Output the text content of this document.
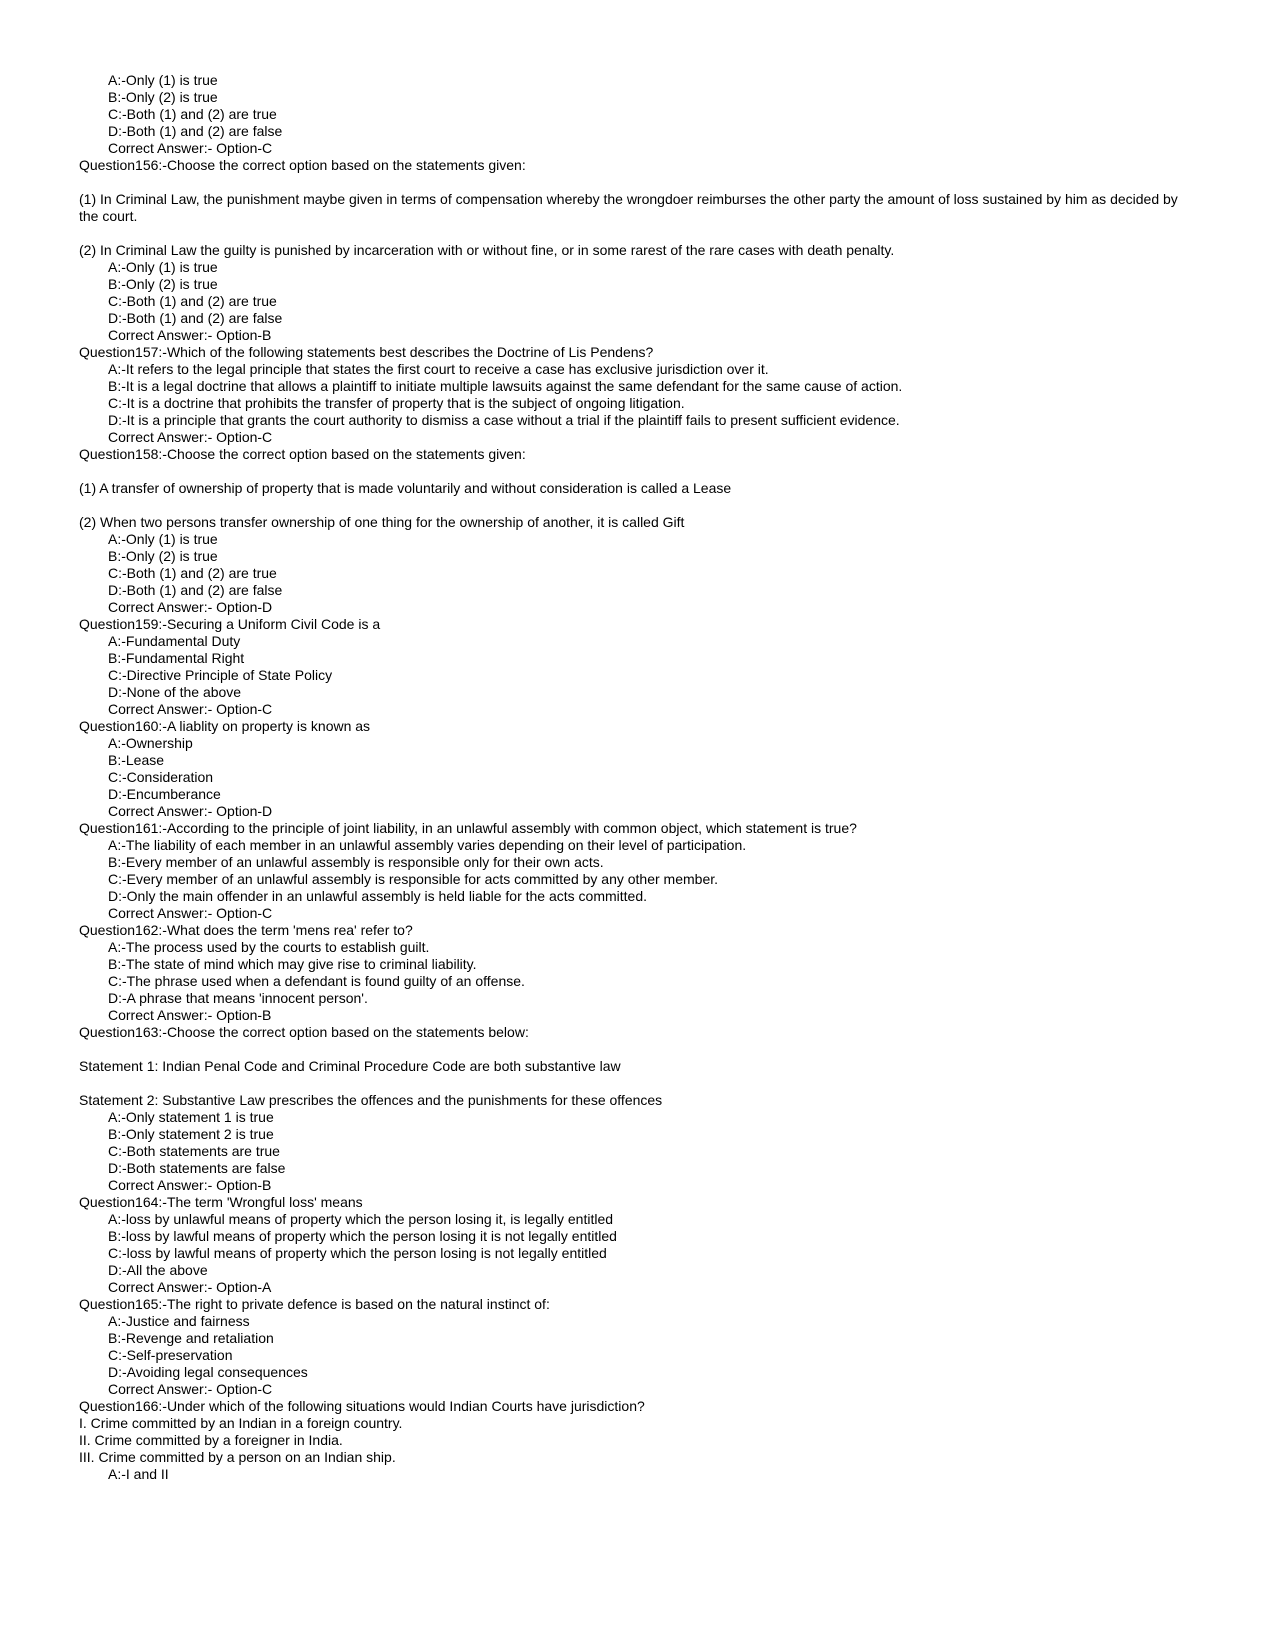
A:-Only (1) is true
B:-Only (2) is true
C:-Both (1) and (2) are true
D:-Both (1) and (2) are false
Correct Answer:- Option-C
Question156:-Choose the correct option based on the statements given:
(1) In Criminal Law, the punishment maybe given in terms of compensation whereby the wrongdoer reimburses the other party the amount of loss sustained by him as decided by the court.
(2) In Criminal Law the guilty is punished by incarceration with or without fine, or in some rarest of the rare cases with death penalty.
A:-Only (1) is true
B:-Only (2) is true
C:-Both (1) and (2) are true
D:-Both (1) and (2) are false
Correct Answer:- Option-B
Question157:-Which of the following statements best describes the Doctrine of Lis Pendens?
A:-It refers to the legal principle that states the first court to receive a case has exclusive jurisdiction over it.
B:-It is a legal doctrine that allows a plaintiff to initiate multiple lawsuits against the same defendant for the same cause of action.
C:-It is a doctrine that prohibits the transfer of property that is the subject of ongoing litigation.
D:-It is a principle that grants the court authority to dismiss a case without a trial if the plaintiff fails to present sufficient evidence.
Correct Answer:- Option-C
Question158:-Choose the correct option based on the statements given:
(1) A transfer of ownership of property that is made voluntarily and without consideration is called a Lease
(2) When two persons transfer ownership of one thing for the ownership of another, it is called Gift
A:-Only (1) is true
B:-Only (2) is true
C:-Both (1) and (2) are true
D:-Both (1) and (2) are false
Correct Answer:- Option-D
Question159:-Securing a Uniform Civil Code is a
A:-Fundamental Duty
B:-Fundamental Right
C:-Directive Principle of State Policy
D:-None of the above
Correct Answer:- Option-C
Question160:-A liablity on property is known as
A:-Ownership
B:-Lease
C:-Consideration
D:-Encumberance
Correct Answer:- Option-D
Question161:-According to the principle of joint liability, in an unlawful assembly with common object, which statement is true?
A:-The liability of each member in an unlawful assembly varies depending on their level of participation.
B:-Every member of an unlawful assembly is responsible only for their own acts.
C:-Every member of an unlawful assembly is responsible for acts committed by any other member.
D:-Only the main offender in an unlawful assembly is held liable for the acts committed.
Correct Answer:- Option-C
Question162:-What does the term 'mens rea' refer to?
A:-The process used by the courts to establish guilt.
B:-The state of mind which may give rise to criminal liability.
C:-The phrase used when a defendant is found guilty of an offense.
D:-A phrase that means 'innocent person'.
Correct Answer:- Option-B
Question163:-Choose the correct option based on the statements below:
Statement 1: Indian Penal Code and Criminal Procedure Code are both substantive law
Statement 2: Substantive Law prescribes the offences and the punishments for these offences
A:-Only statement 1 is true
B:-Only statement 2 is true
C:-Both statements are true
D:-Both statements are false
Correct Answer:- Option-B
Question164:-The term 'Wrongful loss' means
A:-loss by unlawful means of property which the person losing it, is legally entitled
B:-loss by lawful means of property which the person losing it is not legally entitled
C:-loss by lawful means of property which the person losing is not legally entitled
D:-All the above
Correct Answer:- Option-A
Question165:-The right to private defence is based on the natural instinct of:
A:-Justice and fairness
B:-Revenge and retaliation
C:-Self-preservation
D:-Avoiding legal consequences
Correct Answer:- Option-C
Question166:-Under which of the following situations would Indian Courts have jurisdiction?
I. Crime committed by an Indian in a foreign country.
II. Crime committed by a foreigner in India.
III. Crime committed by a person on an Indian ship.
A:-I and II
